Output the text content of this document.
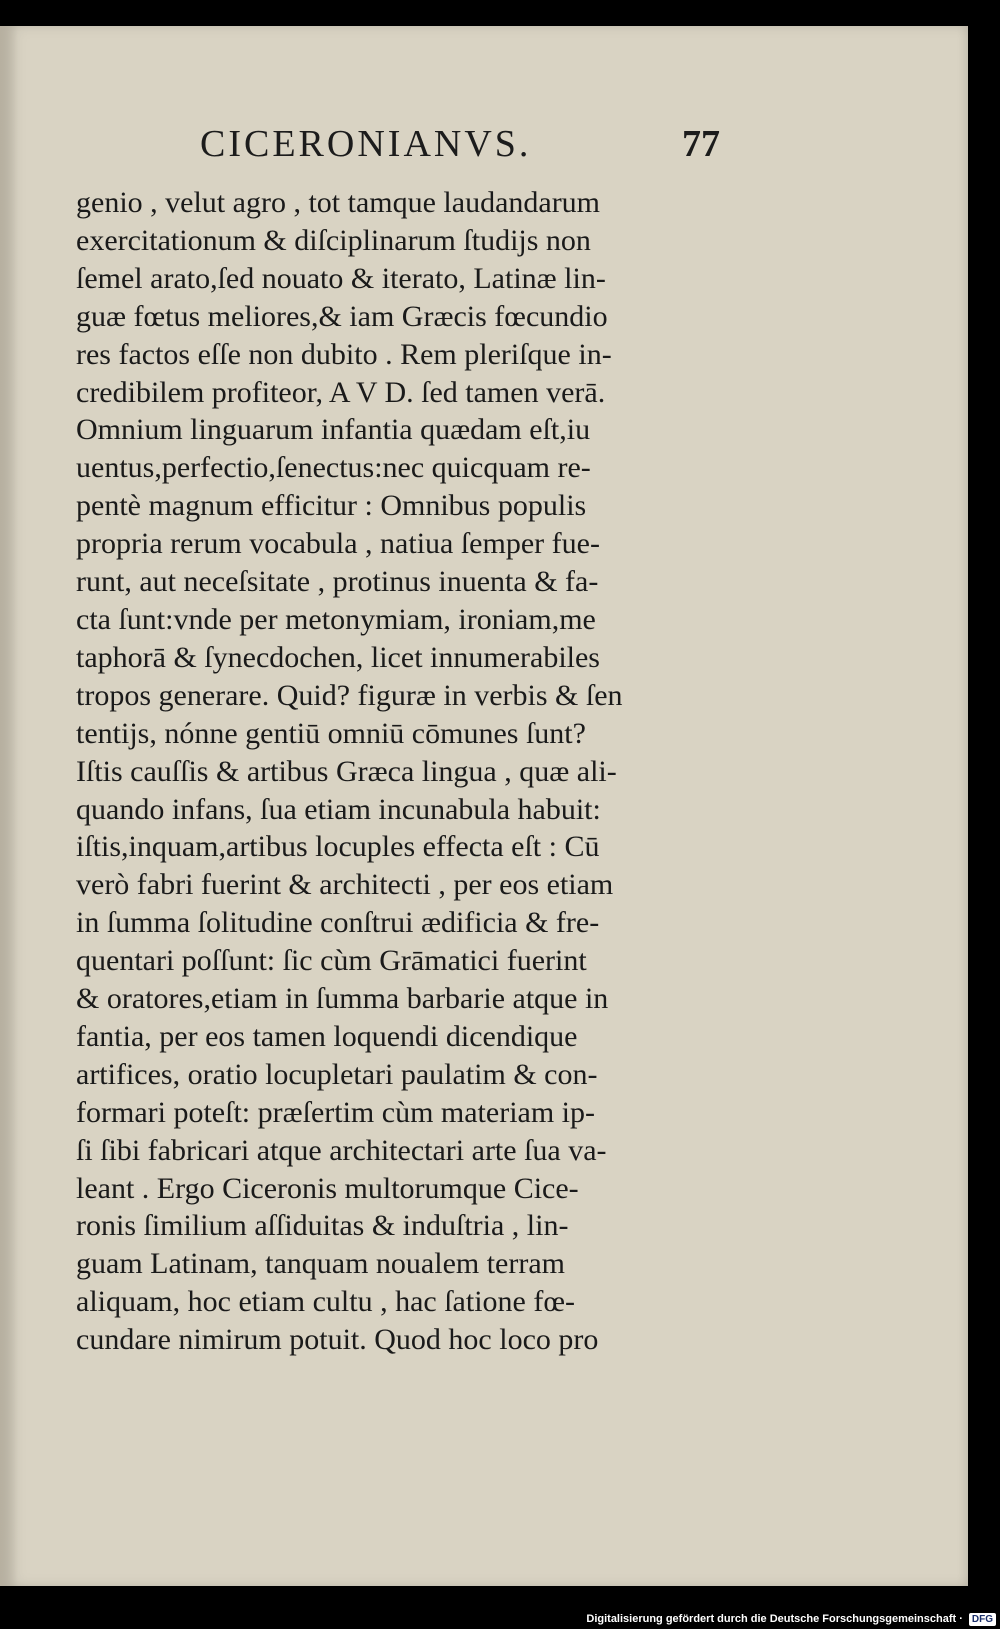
CICERONIANVS.	77
genio , velut agro , tot tamque laudandarum
exercitationum & diſciplinarum ſtudijs non
ſemel arato,ſed nouato & iterato, Latinæ lin-
guæ fœtus meliores,& iam Græcis fœcundio
res factos eſſe non dubito . Rem pleriſque in-
credibilem profiteor, A V D. ſed tamen verā.
Omnium linguarum infantia quædam eſt,iu
uentus,perfectio,ſenectus:nec quicquam re-
pentè magnum efficitur : Omnibus populis
propria rerum vocabula , natiua ſemper fue-
runt, aut neceſsitate , protinus inuenta & fa-
cta ſunt:vnde per metonymiam, ironiam,me
taphorā & ſynecdochen, licet innumerabiles
tropos generare. Quid? figuræ in verbis & ſen
tentijs, nónne gentiū omniū cōmunes ſunt?
Iſtis cauſſis & artibus Græca lingua , quæ ali-
quando infans, ſua etiam incunabula habuit:
iſtis,inquam,artibus locuples effecta eſt : Cū
verò fabri fuerint & architecti , per eos etiam
in ſumma ſolitudine conſtrui ædificia & fre-
quentari poſſunt: ſic cùm Grāmatici fuerint
& oratores,etiam in ſumma barbarie atque in
fantia, per eos tamen loquendi dicendique
artifices, oratio locupletari paulatim & con-
formari poteſt: præſertim cùm materiam ip-
ſi ſibi fabricari atque architectari arte ſua va-
leant . Ergo Ciceronis multorumque Cice-
ronis ſimilium aſſiduitas & induſtria , lin-
guam Latinam, tanquam noualem terram
aliquam, hoc etiam cultu , hac ſatione fœ-
cundare nimirum potuit. Quod hoc loco pro
Digitalisierung gefördert durch die Deutsche Forschungsgemeinschaft · DFG
